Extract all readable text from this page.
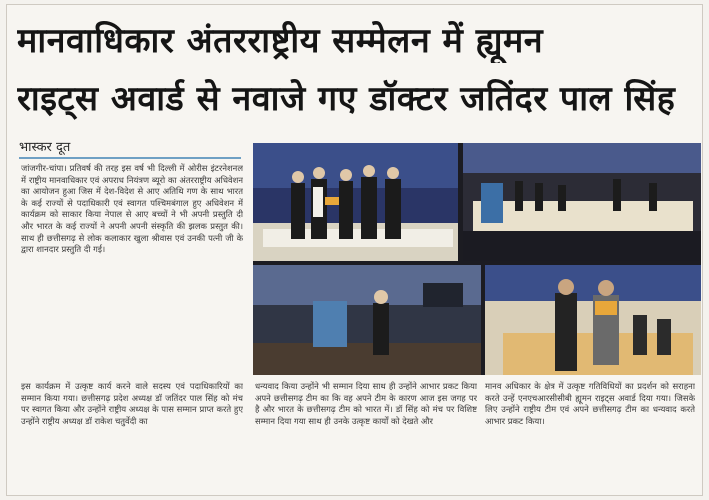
मानवाधिकार अंतरराष्ट्रीय सम्मेलन में ह्यूमन
राइट्स अवार्ड से नवाजे गए डॉक्टर जतिंदर पाल सिंह
भास्कर दूत
जांजगीर-चांपा। प्रतिवर्ष की तरह इस वर्ष भी दिल्ली में ओरीस इंटरनेशनल में राष्ट्रीय मानवाधिकार एवं अपराध नियंत्रण ब्यूरो का अंतरराष्ट्रीय अधिवेशन का आयोजन हुआ जिस में देश-विदेश से आए अतिथि गण के साथ भारत के कई राज्यों से पदाधिकारी एवं स्वागत पश्चिमबंगाल हुए अधिवेशन में कार्यक्रम को साकार किया नेपाल से आए बच्चों ने भी अपनी प्रस्तुति दी और भारत के कई राज्यों ने अपनी अपनी संस्कृति की झलक प्रस्तुत की। साथ ही छत्तीसगढ़ से लोक कलाकार खुला श्रीवास एवं उनकी पत्नी जी के द्वारा शानदार प्रस्तुति दी गई।
इस कार्यक्रम में उत्कृष्ट कार्य करने वाले सदस्य एवं पदाधिकारियों का सम्मान किया गया। छत्तीसगढ़ प्रदेश अध्यक्ष डॉ जतिंदर पाल सिंह को मंच पर स्वागत किया और उन्होंने राष्ट्रीय अध्यक्ष के पास सम्मान प्राप्त करते हुए उन्होंने राष्ट्रीय अध्यक्ष डॉ राकेश चतुर्वेदी का
धन्यवाद किया उन्होंने भी सम्मान दिया साथ ही उन्होंने आभार प्रकट किया अपने छत्तीसगढ़ टीम का कि वह अपने टीम के कारण आज इस जगह पर है और भारत के छत्तीसगढ़ टीम को भारत में। डॉ सिंह को मंच पर विशिष्ट सम्मान दिया गया साथ ही उनके उत्कृष्ट कार्यों को देखते और
मानव अधिकार के क्षेत्र में उत्कृष्ट गतिविधियों का प्रदर्शन को सराहना करते उन्हें एनएचआरसीसीबी ह्यूमन राइट्स अवार्ड दिया गया। जिसके लिए उन्होंने राष्ट्रीय टीम एवं अपने छत्तीसगढ़ टीम का धन्यवाद करते आभार प्रकट किया।
